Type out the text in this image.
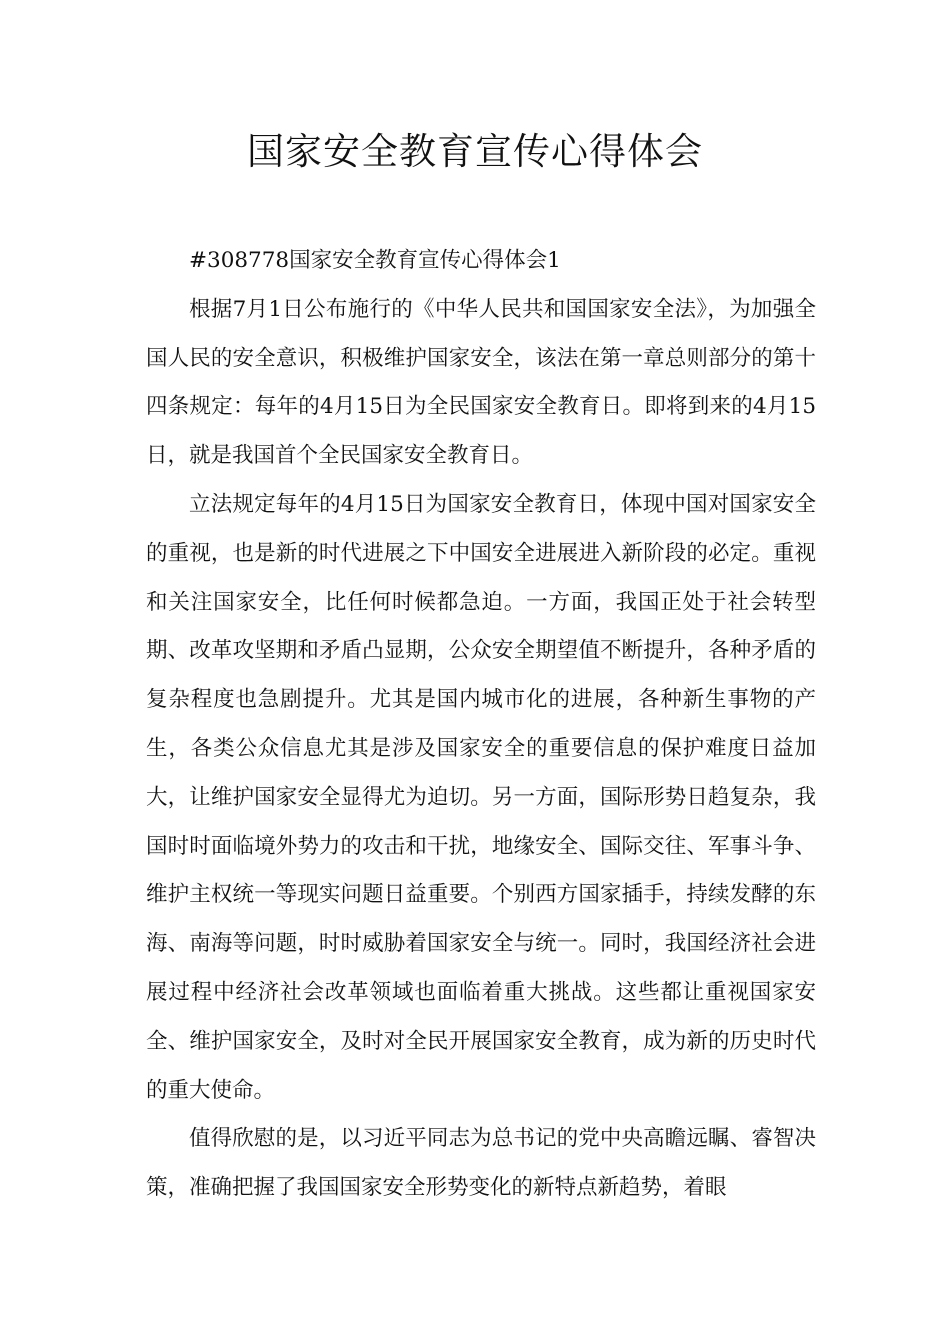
国家安全教育宣传心得体会

#308778国家安全教育宣传心得体会1

根据7月1日公布施行的《中华人民共和国国家安全法》，为加强全国人民的安全意识，积极维护国家安全，该法在第一章总则部分的第十四条规定：每年的4月15日为全民国家安全教育日。即将到来的4月15日，就是我国首个全民国家安全教育日。

立法规定每年的4月15日为国家安全教育日，体现中国对国家安全的重视，也是新的时代进展之下中国安全进展进入新阶段的必定。重视和关注国家安全，比任何时候都急迫。一方面，我国正处于社会转型期、改革攻坚期和矛盾凸显期，公众安全期望值不断提升，各种矛盾的复杂程度也急剧提升。尤其是国内城市化的进展，各种新生事物的产生，各类公众信息尤其是涉及国家安全的重要信息的保护难度日益加大，让维护国家安全显得尤为迫切。另一方面，国际形势日趋复杂，我国时时面临境外势力的攻击和干扰，地缘安全、国际交往、军事斗争、维护主权统一等现实问题日益重要。个别西方国家插手，持续发酵的东海、南海等问题，时时威胁着国家安全与统一。同时，我国经济社会进展过程中经济社会改革领域也面临着重大挑战。这些都让重视国家安全、维护国家安全，及时对全民开展国家安全教育，成为新的历史时代的重大使命。

值得欣慰的是，以习近平同志为总书记的党中央高瞻远瞩、睿智决策，准确把握了我国国家安全形势变化的新特点新趋势，着眼
